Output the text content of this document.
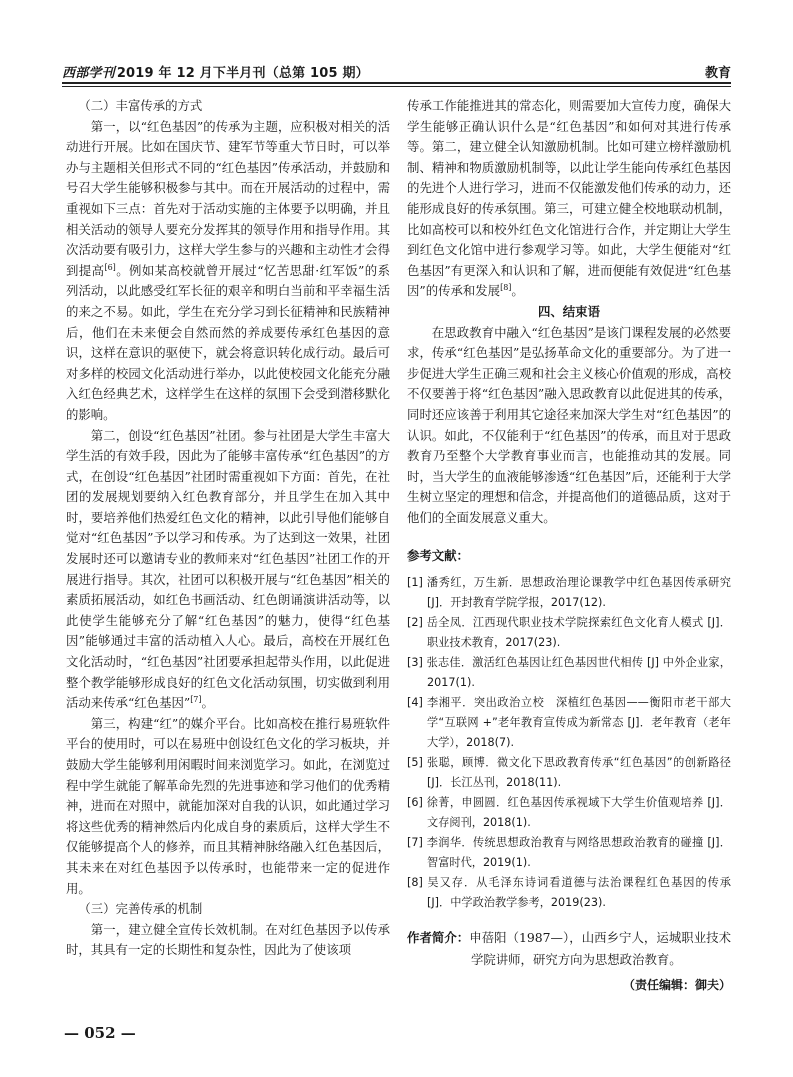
西部学刊 2019 年 12 月下半月刊（总第 105 期）	教育

（二）丰富传承的方式

第一，以“红色基因”的传承为主题，应积极对相关的活动进行开展。比如在国庆节、建军节等重大节日时，可以举办与主题相关但形式不同的“红色基因”传承活动，并鼓励和号召大学生能够积极参与其中。而在开展活动的过程中，需重视如下三点：首先对于活动实施的主体要予以明确，并且相关活动的领导人要充分发挥其的领导作用和指导作用。其次活动要有吸引力，这样大学生参与的兴趣和主动性才会得到提高[6]。例如某高校就曾开展过“忆苦思甜·红军饭”的系列活动，以此感受红军长征的艰辛和明白当前和平幸福生活的来之不易。如此，学生在充分学习到长征精神和民族精神后，他们在未来便会自然而然的养成要传承红色基因的意识，这样在意识的驱使下，就会将意识转化成行动。最后可对多样的校园文化活动进行举办，以此使校园文化能充分融入红色经典艺术，这样学生在这样的氛围下会受到潜移默化的影响。

第二，创设“红色基因”社团。参与社团是大学生丰富大学生活的有效手段，因此为了能够丰富传承“红色基因”的方式，在创设“红色基因”社团时需重视如下方面：首先，在社团的发展规划要纳入红色教育部分，并且学生在加入其中时，要培养他们热爱红色文化的精神，以此引导他们能够自觉对“红色基因”予以学习和传承。为了达到这一效果，社团发展时还可以邀请专业的教师来对“红色基因”社团工作的开展进行指导。其次，社团可以积极开展与“红色基因”相关的素质拓展活动，如红色书画活动、红色朗诵演讲活动等，以此使学生能够充分了解“红色基因”的魅力，使得“红色基因”能够通过丰富的活动植入人心。最后，高校在开展红色文化活动时，“红色基因”社团要承担起带头作用，以此促进整个教学能够形成良好的红色文化活动氛围，切实做到利用活动来传承“红色基因”[7]。

第三，构建“红”的媒介平台。比如高校在推行易班软件平台的使用时，可以在易班中创设红色文化的学习板块，并鼓励大学生能够利用闲暇时间来浏览学习。如此，在浏览过程中学生就能了解革命先烈的先进事迹和学习他们的优秀精神，进而在对照中，就能加深对自我的认识，如此通过学习将这些优秀的精神然后内化成自身的素质后，这样大学生不仅能够提高个人的修养，而且其精神脉络融入红色基因后，其未来在对红色基因予以传承时，也能带来一定的促进作用。

（三）完善传承的机制

第一，建立健全宣传长效机制。在对红色基因予以传承时，其具有一定的长期性和复杂性，因此为了使该项

传承工作能推进其的常态化，则需要加大宣传力度，确保大学生能够正确认识什么是“红色基因”和如何对其进行传承等。第二，建立健全认知激励机制。比如可建立榜样激励机制、精神和物质激励机制等，以此让学生能向传承红色基因的先进个人进行学习，进而不仅能激发他们传承的动力，还能形成良好的传承氛围。第三，可建立健全校地联动机制，比如高校可以和校外红色文化馆进行合作，并定期让大学生到红色文化馆中进行参观学习等。如此，大学生便能对“红色基因”有更深入和认识和了解，进而便能有效促进“红色基因”的传承和发展[8]。

四、结束语

在思政教育中融入“红色基因”是该门课程发展的必然要求，传承“红色基因”是弘扬革命文化的重要部分。为了进一步促进大学生正确三观和社会主义核心价值观的形成，高校不仅要善于将“红色基因”融入思政教育以此促进其的传承，同时还应该善于利用其它途径来加深大学生对“红色基因”的认识。如此，不仅能利于“红色基因”的传承，而且对于思政教育乃至整个大学教育事业而言，也能推动其的发展。同时，当大学生的血液能够渗透“红色基因”后，还能利于大学生树立坚定的理想和信念，并提高他们的道德品质，这对于他们的全面发展意义重大。

参考文献：
[1] 潘秀红，万生新．思想政治理论课教学中红色基因传承研究 [J]．开封教育学院学报，2017(12).
[2] 岳全凤．江西现代职业技术学院探索红色文化育人模式 [J]．职业技术教育，2017(23).
[3] 张志佳．激活红色基因让红色基因世代相传 [J] 中外企业家，2017(1).
[4] 李湘平．突出政治立校　深植红色基因——衡阳市老干部大学“互联网 +”老年教育宣传成为新常态 [J]．老年教育（老年大学），2018(7).
[5] 张聪，顾博．微文化下思政教育传承“红色基因”的创新路径 [J]．长江丛刊，2018(11).
[6] 徐菁，申圆圆．红色基因传承视域下大学生价值观培养 [J]．文存阅刊，2018(1).
[7] 李润华．传统思想政治教育与网络思想政治教育的碰撞 [J]．智富时代，2019(1).
[8] 吴又存．从毛泽东诗词看道德与法治课程红色基因的传承 [J]．中学政治教学参考，2019(23).
作者简介：申蓓阳（1987—），山西乡宁人，运城职业技术学院讲师，研究方向为思想政治教育。
（责任编辑：御夫）
— 052 —
